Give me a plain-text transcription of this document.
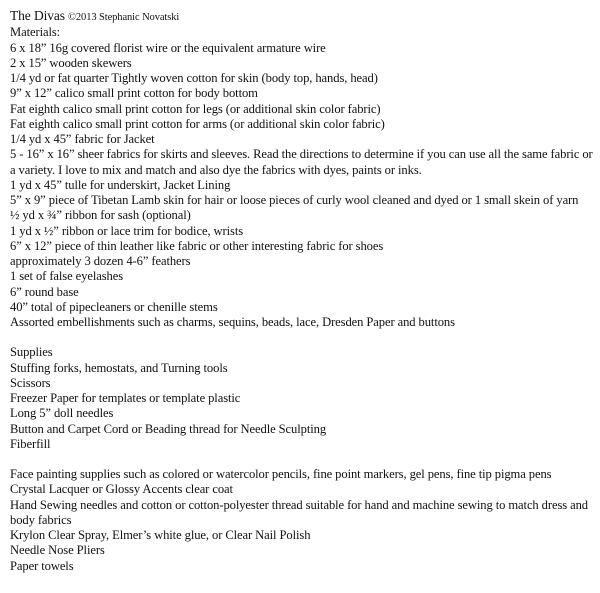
The Divas ©2013 Stephanic Novatski
Materials:
6 x 18” 16g covered florist wire or the equivalent armature wire
2 x 15” wooden skewers
1/4 yd or fat quarter Tightly woven cotton for skin (body top, hands, head)
9” x 12” calico small print cotton for body bottom
Fat eighth calico small print cotton for legs (or additional skin color fabric)
Fat eighth calico small print cotton for arms (or additional skin color fabric)
1/4 yd x 45” fabric for Jacket
5 - 16” x 16” sheer fabrics for skirts and sleeves. Read the directions to determine if you can use all the same fabric or a variety. I love to mix and match and also dye the fabrics with dyes, paints or inks.
1 yd x 45” tulle for underskirt, Jacket Lining
5” x 9” piece of Tibetan Lamb skin for hair or loose pieces of curly wool cleaned and dyed or 1 small skein of yarn
½ yd x ¾” ribbon for sash (optional)
1 yd x ½” ribbon or lace trim for bodice, wrists
6” x 12” piece of thin leather like fabric or other interesting fabric for shoes
approximately 3 dozen 4-6” feathers
1 set of false eyelashes
6” round base
40” total of pipecleaners or chenille stems
Assorted embellishments such as charms, sequins, beads, lace, Dresden Paper and buttons
Supplies
Stuffing forks, hemostats, and Turning tools
Scissors
Freezer Paper for templates or template plastic
Long 5” doll needles
Button and Carpet Cord or Beading thread for Needle Sculpting
Fiberfill
Face painting supplies such as colored or watercolor pencils, fine point markers, gel pens, fine tip pigma pens
Crystal Lacquer or Glossy Accents clear coat
Hand Sewing needles and cotton or cotton-polyester thread suitable for hand and machine sewing to match dress and body fabrics
Krylon Clear Spray, Elmer’s white glue, or Clear Nail Polish
Needle Nose Pliers
Paper towels
